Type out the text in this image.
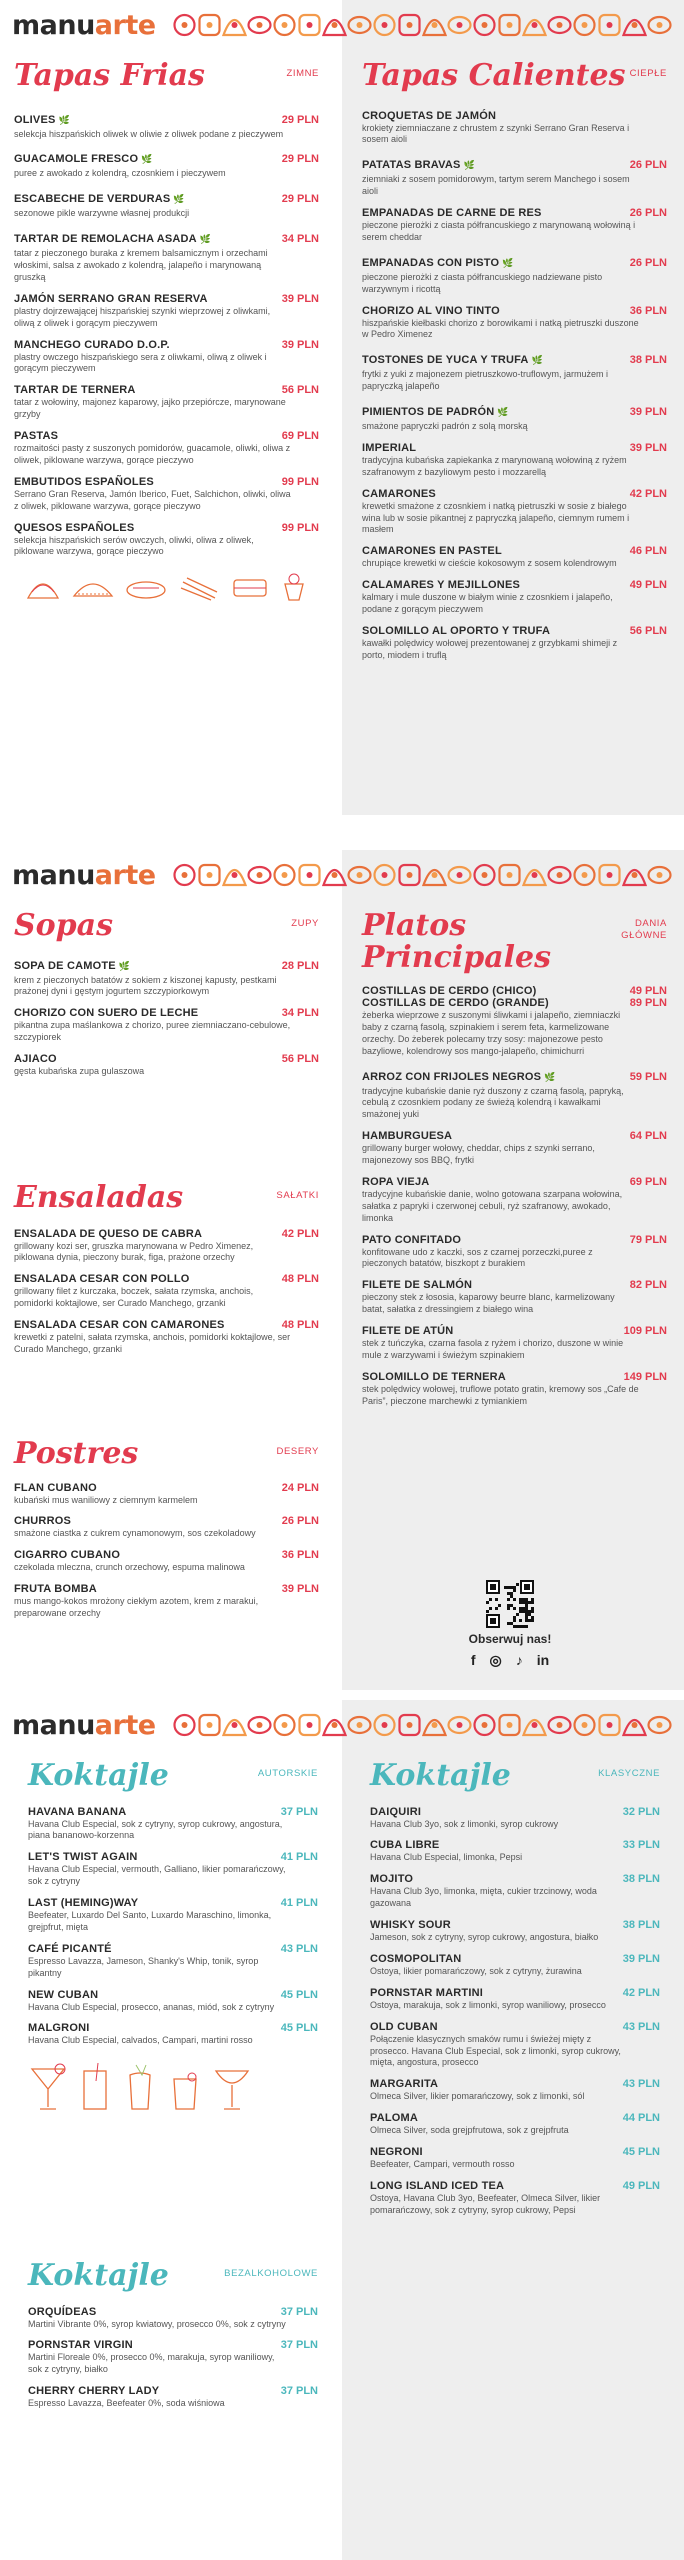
manuarte
Tapas Frias	ZIMNE
OLIVES 🌿	29 PLN
selekcja hiszpańskich oliwek w oliwie z oliwek podane z pieczywem
GUACAMOLE FRESCO 🌿	29 PLN
puree z awokado z kolendrą, czosnkiem i pieczywem
ESCABECHE DE VERDURAS 🌿	29 PLN
sezonowe pikle warzywne własnej produkcji
TARTAR DE REMOLACHA ASADA 🌿	34 PLN
tatar z pieczonego buraka z kremem balsamicznym i orzechami włoskimi, salsa z awokado z kolendrą, jalapeño i marynowaną gruszką
JAMÓN SERRANO GRAN RESERVA	39 PLN
plastry dojrzewającej hiszpańskiej szynki wieprzowej z oliwkami, oliwą z oliwek i gorącym pieczywem
MANCHEGO CURADO D.O.P.	39 PLN
plastry owczego hiszpańskiego sera z oliwkami, oliwą z oliwek i gorącym pieczywem
TARTAR DE TERNERA	56 PLN
tatar z wołowiny, majonez kaparowy, jajko przepiórcze, marynowane grzyby
PASTAS	69 PLN
rozmaitości pasty z suszonych pomidorów, guacamole, oliwki, oliwa z oliwek, piklowane warzywa, gorące pieczywo
EMBUTIDOS ESPAÑOLES	99 PLN
Serrano Gran Reserva, Jamón Iberico, Fuet, Salchichon, oliwki, oliwa z oliwek, piklowane warzywa, gorące pieczywo
QUESOS ESPAÑOLES	99 PLN
selekcja hiszpańskich serów owczych, oliwki, oliwa z oliwek, piklowane warzywa, gorące pieczywo
Tapas Calientes CIEPŁE
CROQUETAS DE JAMÓN
krokiety ziemniaczane z chrustem z szynki Serrano Gran Reserva i sosem aioli
PATATAS BRAVAS 🌿	26 PLN
ziemniaki z sosem pomidorowym, tartym serem Manchego i sosem aioli
EMPANADAS DE CARNE DE RES	26 PLN
pieczone pierożki z ciasta półfrancuskiego z marynowaną wołowiną i serem cheddar
EMPANADAS CON PISTO 🌿	26 PLN
pieczone pierożki z ciasta półfrancuskiego nadziewane pisto warzywnym i ricottą
CHORIZO AL VINO TINTO	36 PLN
hiszpańskie kiełbaski chorizo z borowikami i natką pietruszki duszone w Pedro Ximenez
TOSTONES DE YUCA Y TRUFA 🌿	38 PLN
frytki z yuki z majonezem pietruszkowo-truflowym, jarmużem i papryczką jalapeño
PIMIENTOS DE PADRÓN 🌿	39 PLN
smażone papryczki padrón z solą morską
IMPERIAL	39 PLN
tradycyjna kubańska zapiekanka z marynowaną wołowiną z ryżem szafranowym z bazyliowym pesto i mozzarellą
CAMARONES	42 PLN
krewetki smażone z czosnkiem i natką pietruszki w sosie z białego wina lub w sosie pikantnej z papryczką jalapeño, ciemnym rumem i masłem
CAMARONES EN PASTEL	46 PLN
chrupiące krewetki w cieście kokosowym z sosem kolendrowym
CALAMARES Y MEJILLONES	49 PLN
kalmary i mule duszone w białym winie z czosnkiem i jalapeño, podane z gorącym pieczywem
SOLOMILLO AL OPORTO Y TRUFA	56 PLN
kawałki polędwicy wołowej prezentowanej z grzybkami shimeji z porto, miodem i truflą
manuarte
Sopas	ZUPY
SOPA DE CAMOTE 🌿	28 PLN
krem z pieczonych batatów z sokiem z kiszonej kapusty, pestkami prażonej dyni i gęstym jogurtem szczypiorkowym
CHORIZO CON SUERO DE LECHE	34 PLN
pikantna zupa maślankowa z chorizo, puree ziemniaczano-cebulowe, szczypiorek
AJIACO	56 PLN
gęsta kubańska zupa gulaszowa
Ensaladas	SAŁATKI
ENSALADA DE QUESO DE CABRA	42 PLN
grillowany kozi ser, gruszka marynowana w Pedro Ximenez, piklowana dynia, pieczony burak, figa, prażone orzechy
ENSALADA CESAR CON POLLO	48 PLN
grillowany filet z kurczaka, boczek, sałata rzymska, anchois, pomidorki koktajlowe, ser Curado Manchego, grzanki
ENSALADA CESAR CON CAMARONES	48 PLN
krewetki z patelni, sałata rzymska, anchois, pomidorki koktajlowe, ser Curado Manchego, grzanki
Postres	DESERY
FLAN CUBANO	24 PLN
kubański mus waniliowy z ciemnym karmelem
CHURROS	26 PLN
smażone ciastka z cukrem cynamonowym, sos czekoladowy
CIGARRO CUBANO	36 PLN
czekolada mleczna, crunch orzechowy, espuma malinowa
FRUTA BOMBA	39 PLN
mus mango-kokos mrożony ciekłym azotem, krem z marakui, preparowane orzechy
Platos
Principales
DANIA
GŁÓWNE
COSTILLAS DE CERDO (CHICO)	49 PLN
COSTILLAS DE CERDO (GRANDE)	89 PLN
żeberka wieprzowe z suszonymi śliwkami i jalapeño, ziemniaczki baby z czarną fasolą, szpinakiem i serem feta, karmelizowane orzechy. Do żeberek polecamy trzy sosy: majonezowe pesto bazyliowe, kolendrowy sos mango-jalapeño, chimichurri
ARROZ CON FRIJOLES NEGROS 🌿	59 PLN
tradycyjne kubańskie danie ryż duszony z czarną fasolą, papryką, cebulą z czosnkiem podany ze świeżą kolendrą i kawałkami smażonej yuki
HAMBURGUESA	64 PLN
grillowany burger wołowy, cheddar, chips z szynki serrano, majonezowy sos BBQ, frytki
ROPA VIEJA	69 PLN
tradycyjne kubańskie danie, wolno gotowana szarpana wołowina, sałatka z papryki i czerwonej cebuli, ryż szafranowy, awokado, limonka
PATO CONFITADO	79 PLN
konfitowane udo z kaczki, sos z czarnej porzeczki,puree z pieczonych batatów, biszkopt z burakiem
FILETE DE SALMÓN	82 PLN
pieczony stek z łososia, kaparowy beurre blanc, karmelizowany batat, sałatka z dressingiem z białego wina
FILETE DE ATÚN	109 PLN
stek z tuńczyka, czarna fasola z ryżem i chorizo, duszone w winie mule z warzywami i świeżym szpinakiem
SOLOMILLO DE TERNERA	149 PLN
stek polędwicy wołowej, truflowe potato gratin, kremowy sos „Cafe de Paris”, pieczone marchewki z tymiankiem
Obserwuj nas!
f ◎ ♪ in
manuarte
Koktajle	AUTORSKIE
HAVANA BANANA	37 PLN
Havana Club Especial, sok z cytryny, syrop cukrowy, angostura, piana bananowo-korzenna
LET'S TWIST AGAIN	41 PLN
Havana Club Especial, vermouth, Galliano, likier pomarańczowy, sok z cytryny
LAST (HEMING)WAY	41 PLN
Beefeater, Luxardo Del Santo, Luxardo Maraschino, limonka, grejpfrut, mięta
CAFÉ PICANTÉ	43 PLN
Espresso Lavazza, Jameson, Shanky's Whip, tonik, syrop pikantny
NEW CUBAN	45 PLN
Havana Club Especial, prosecco, ananas, miód, sok z cytryny
MALGRONI	45 PLN
Havana Club Especial, calvados, Campari, martini rosso
Koktajle	BEZALKOHOLOWE
ORQUÍDEAS	37 PLN
Martini Vibrante 0%, syrop kwiatowy, prosecco 0%, sok z cytryny
PORNSTAR VIRGIN	37 PLN
Martini Floreale 0%, prosecco 0%, marakuja, syrop waniliowy, sok z cytryny, białko
CHERRY CHERRY LADY	37 PLN
Espresso Lavazza, Beefeater 0%, soda wiśniowa
Koktajle	KLASYCZNE
DAIQUIRI	32 PLN
Havana Club 3yo, sok z limonki, syrop cukrowy
CUBA LIBRE	33 PLN
Havana Club Especial, limonka, Pepsi
MOJITO	38 PLN
Havana Club 3yo, limonka, mięta, cukier trzcinowy, woda gazowana
WHISKY SOUR	38 PLN
Jameson, sok z cytryny, syrop cukrowy, angostura, białko
COSMOPOLITAN	39 PLN
Ostoya, likier pomarańczowy, sok z cytryny, żurawina
PORNSTAR MARTINI	42 PLN
Ostoya, marakuja, sok z limonki, syrop waniliowy, prosecco
OLD CUBAN	43 PLN
Połączenie klasycznych smaków rumu i świeżej mięty z prosecco. Havana Club Especial, sok z limonki, syrop cukrowy, mięta, angostura, prosecco
MARGARITA	43 PLN
Olmeca Silver, likier pomarańczowy, sok z limonki, sól
PALOMA	44 PLN
Olmeca Silver, soda grejpfrutowa, sok z grejpfruta
NEGRONI	45 PLN
Beefeater, Campari, vermouth rosso
LONG ISLAND ICED TEA	49 PLN
Ostoya, Havana Club 3yo, Beefeater, Olmeca Silver, likier pomarańczowy, sok z cytryny, syrop cukrowy, Pepsi
